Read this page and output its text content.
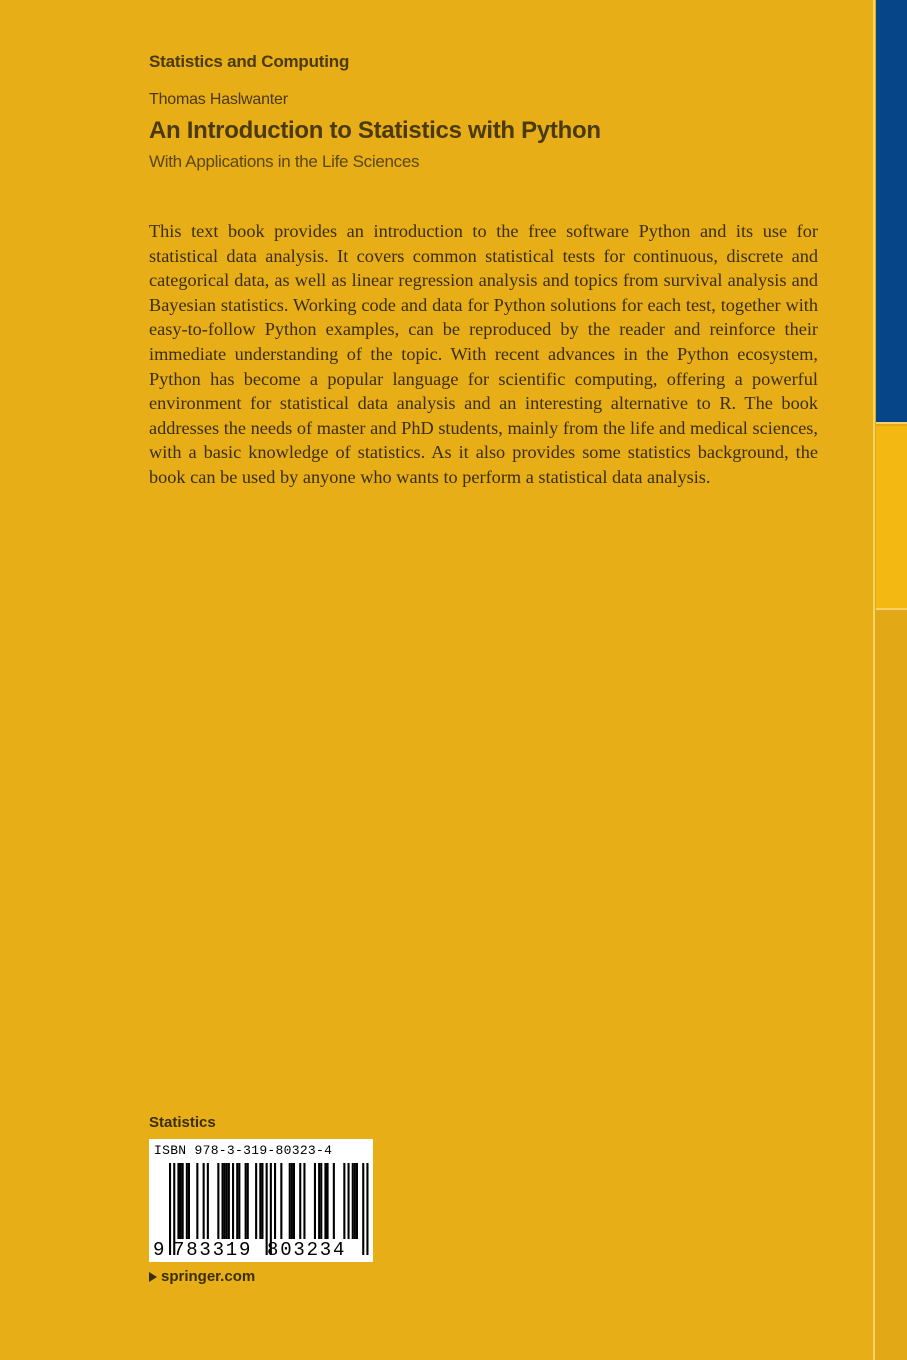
Statistics and Computing
Thomas Haslwanter
An Introduction to Statistics with Python
With Applications in the Life Sciences

This text book provides an introduction to the free software Python and its use for statistical data analysis. It covers common statistical tests for continuous, discrete and categorical data, as well as linear regression analysis and topics from survival analysis and Bayesian statistics. Working code and data for Python solutions for each test, together with easy-to-follow Python examples, can be reproduced by the reader and reinforce their immediate understanding of the topic. With recent advances in the Python ecosystem, Python has become a popular language for scientific computing, offering a powerful environment for statistical data analysis and an interesting alternative to R. The book addresses the needs of master and PhD students, mainly from the life and medical sciences, with a basic knowledge of statistics. As it also provides some statistics background, the book can be used by anyone who wants to perform a statistical data analysis.

Statistics
ISBN 978-3-319-80323-4
9 783319 803234
springer.com
